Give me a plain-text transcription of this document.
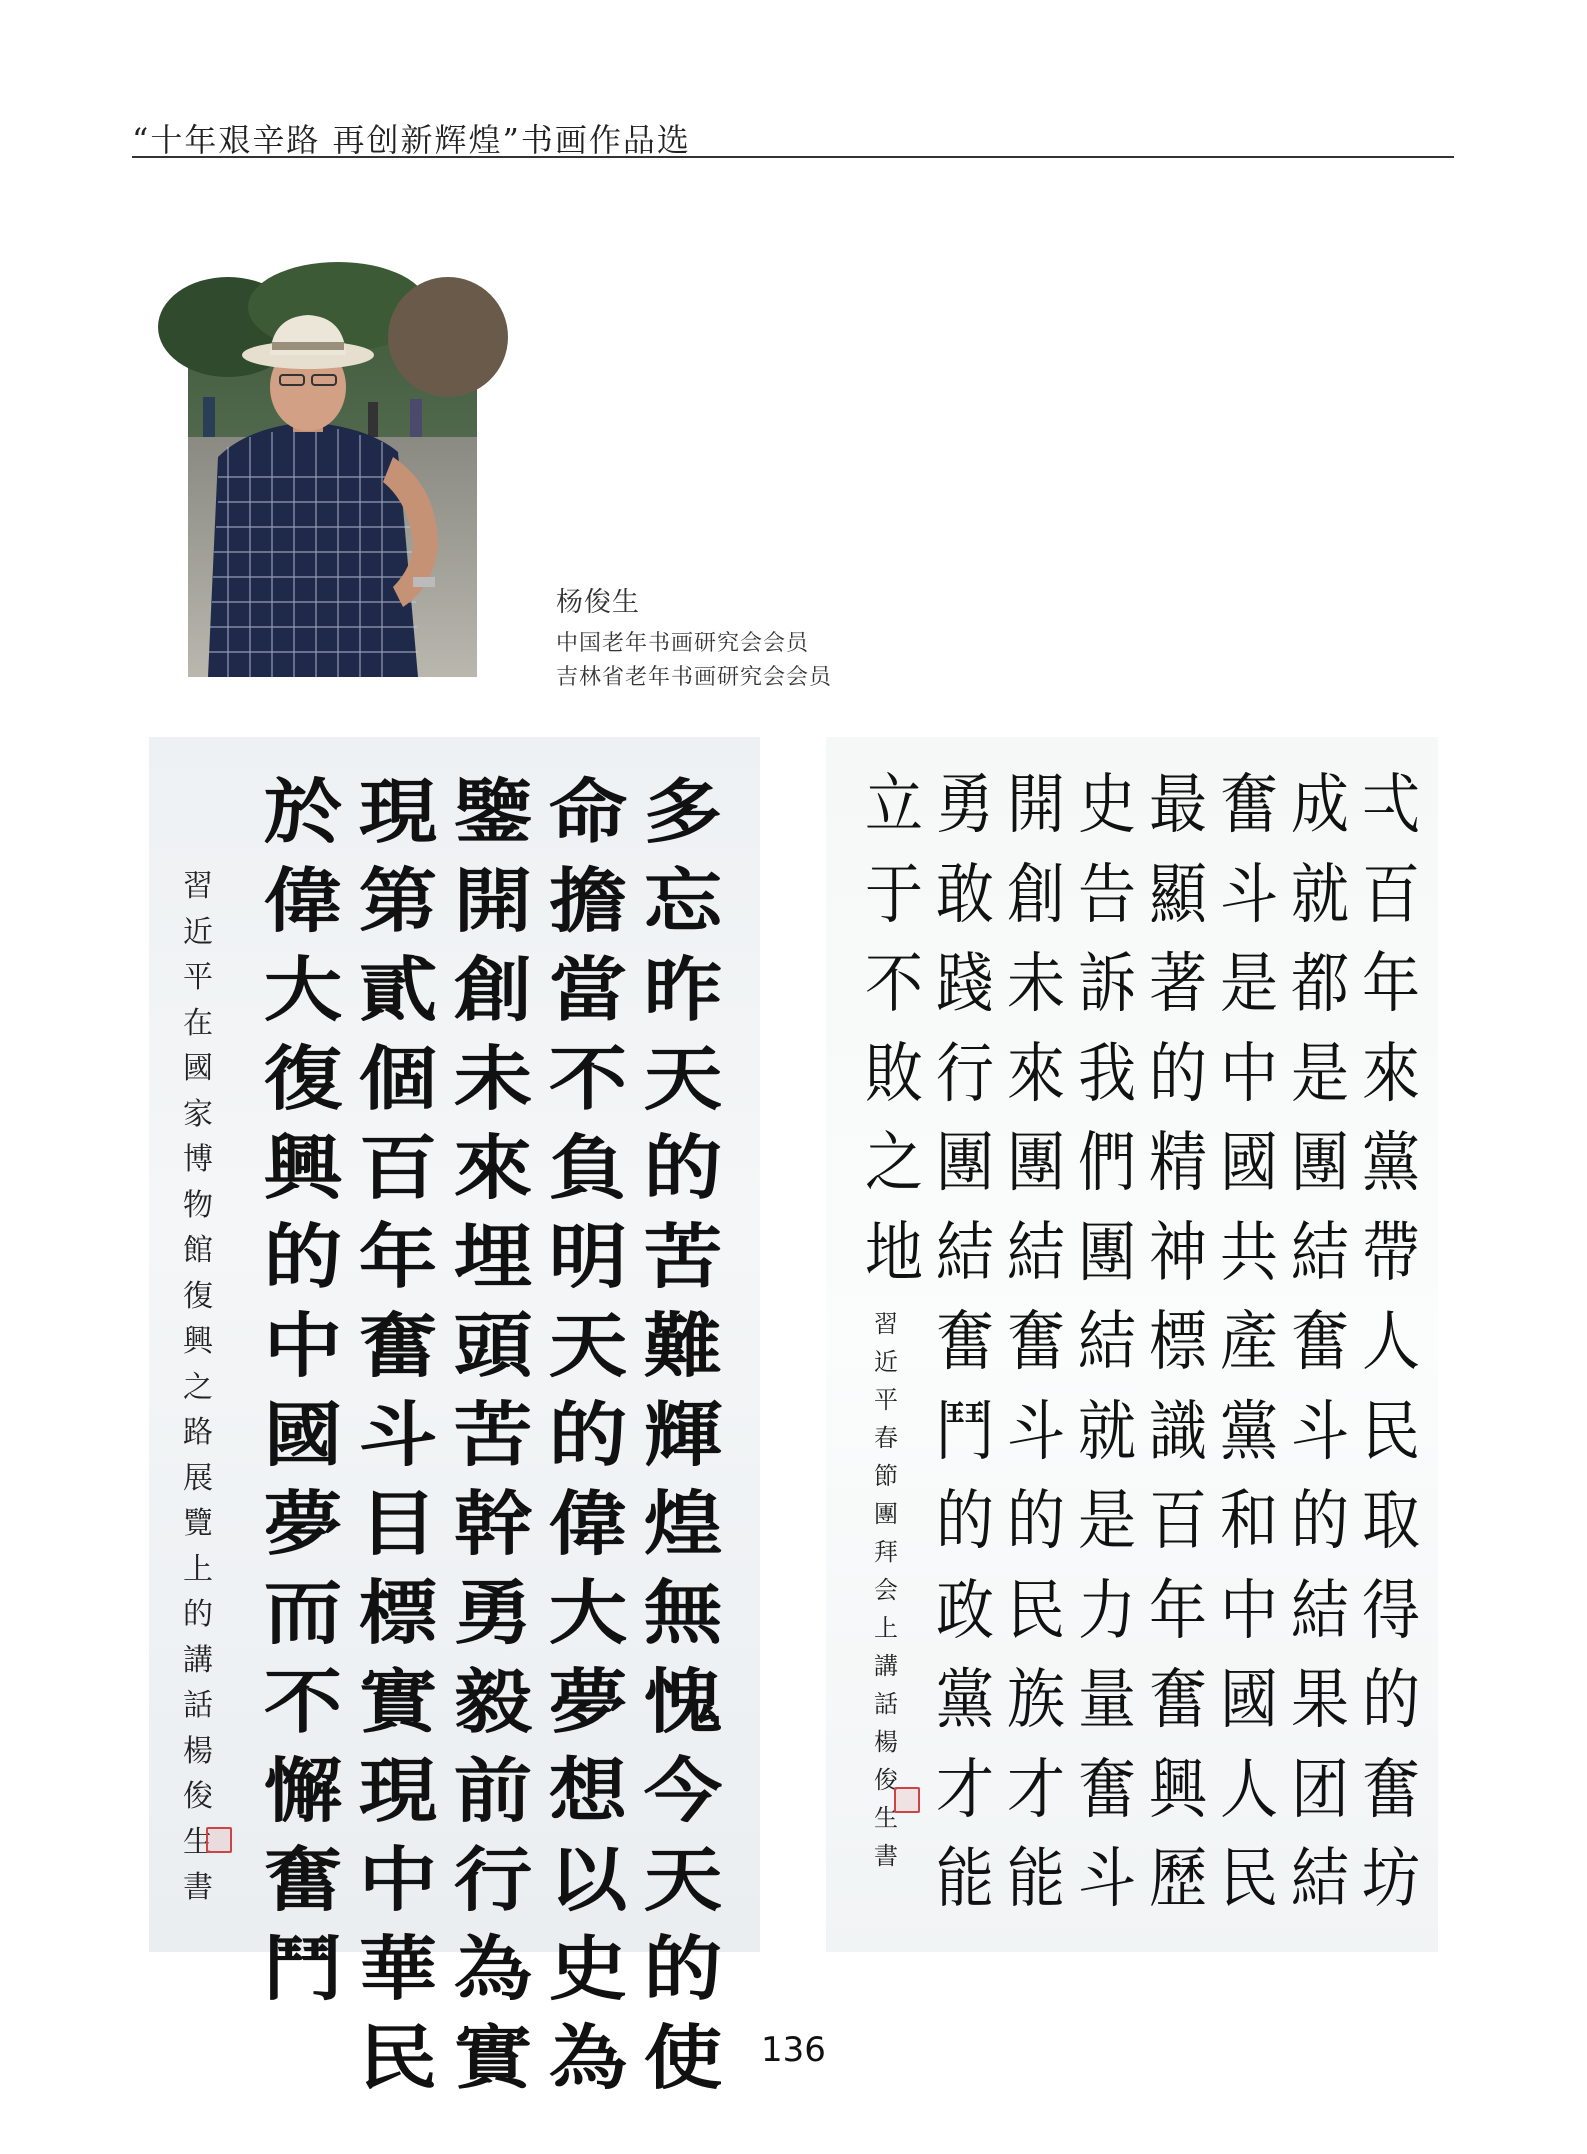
“十年艰辛路 再创新辉煌”书画作品选
杨俊生
中国老年书画研究会会员
吉林省老年书画研究会会员
多
忘
昨
天
的
苦
難
輝
煌
無
愧
今
天
的
使
命
擔
當
不
負
明
天
的
偉
大
夢
想
以
史
為
鑒
開
創
未
來
埋
頭
苦
幹
勇
毅
前
行
為
實
現
第
貳
個
百
年
奮
斗
目
標
實
現
中
華
民
於
偉
大
復
興
的
中
國
夢
而
不
懈
奮
鬥
習
近
平
在
國
家
博
物
館
復
興
之
路
展
覽
上
的
講
話
楊
俊
生
書
弌
百
年
來
黨
帶
人
民
取
得
的
奮
坊
成
就
都
是
團
結
奮
斗
的
結
果
团
結
奮
斗
是
中
國
共
產
黨
和
中
國
人
民
最
顯
著
的
精
神
標
識
百
年
奮
興
歷
史
告
訴
我
們
團
結
就
是
力
量
奮
斗
開
創
未
來
團
結
奮
斗
的
民
族
才
能
勇
敢
踐
行
團
結
奮
鬥
的
政
黨
才
能
立
于
不
敗
之
地
習
近
平
春
節
團
拜
会
上
講
話
楊
俊
生
書
136
